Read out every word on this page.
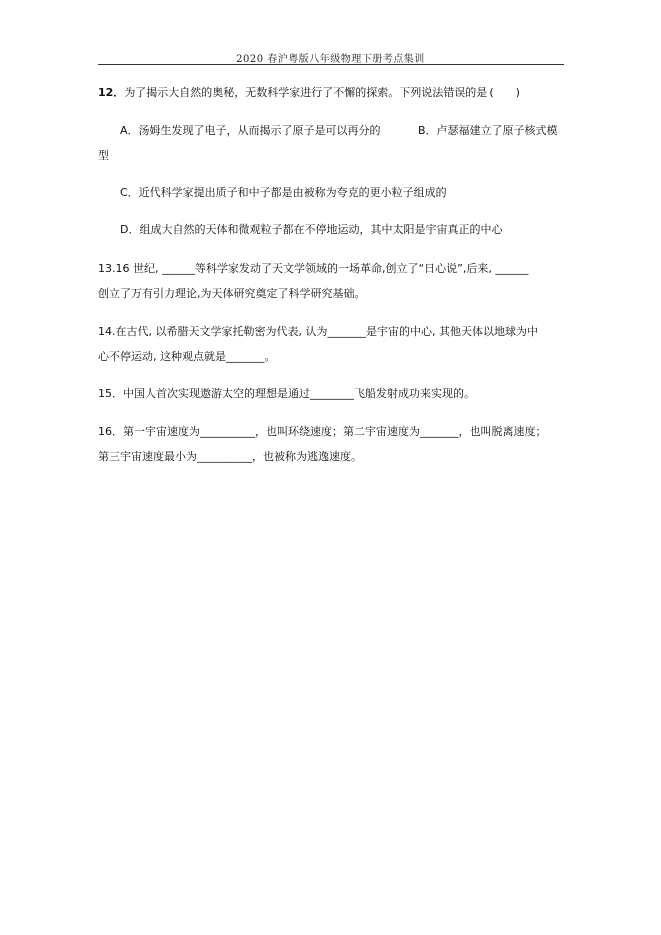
2020 春沪粤版八年级物理下册考点集训
12．为了揭示大自然的奥秘，无数科学家进行了不懈的探索。下列说法错误的是 (　　)
A．汤姆生发现了电子，从而揭示了原子是可以再分的	B．卢瑟福建立了原子核式模
型
C．近代科学家提出质子和中子都是由被称为夸克的更小粒子组成的
D．组成大自然的天体和微观粒子都在不停地运动，其中太阳是宇宙真正的中心
13.16 世纪, ______等科学家发动了天文学领域的一场革命,创立了“日心说”,后来, ______
创立了万有引力理论,为天体研究奠定了科学研究基础。
14.在古代, 以希腊天文学家托勒密为代表, 认为_______是宇宙的中心, 其他天体以地球为中
心不停运动, 这种观点就是_______。
15．中国人首次实现遨游太空的理想是通过________飞船发射成功来实现的。
16．第一宇宙速度为__________，也叫环绕速度；第二宇宙速度为_______，也叫脱离速度；
第三宇宙速度最小为__________，也被称为逃逸速度。
